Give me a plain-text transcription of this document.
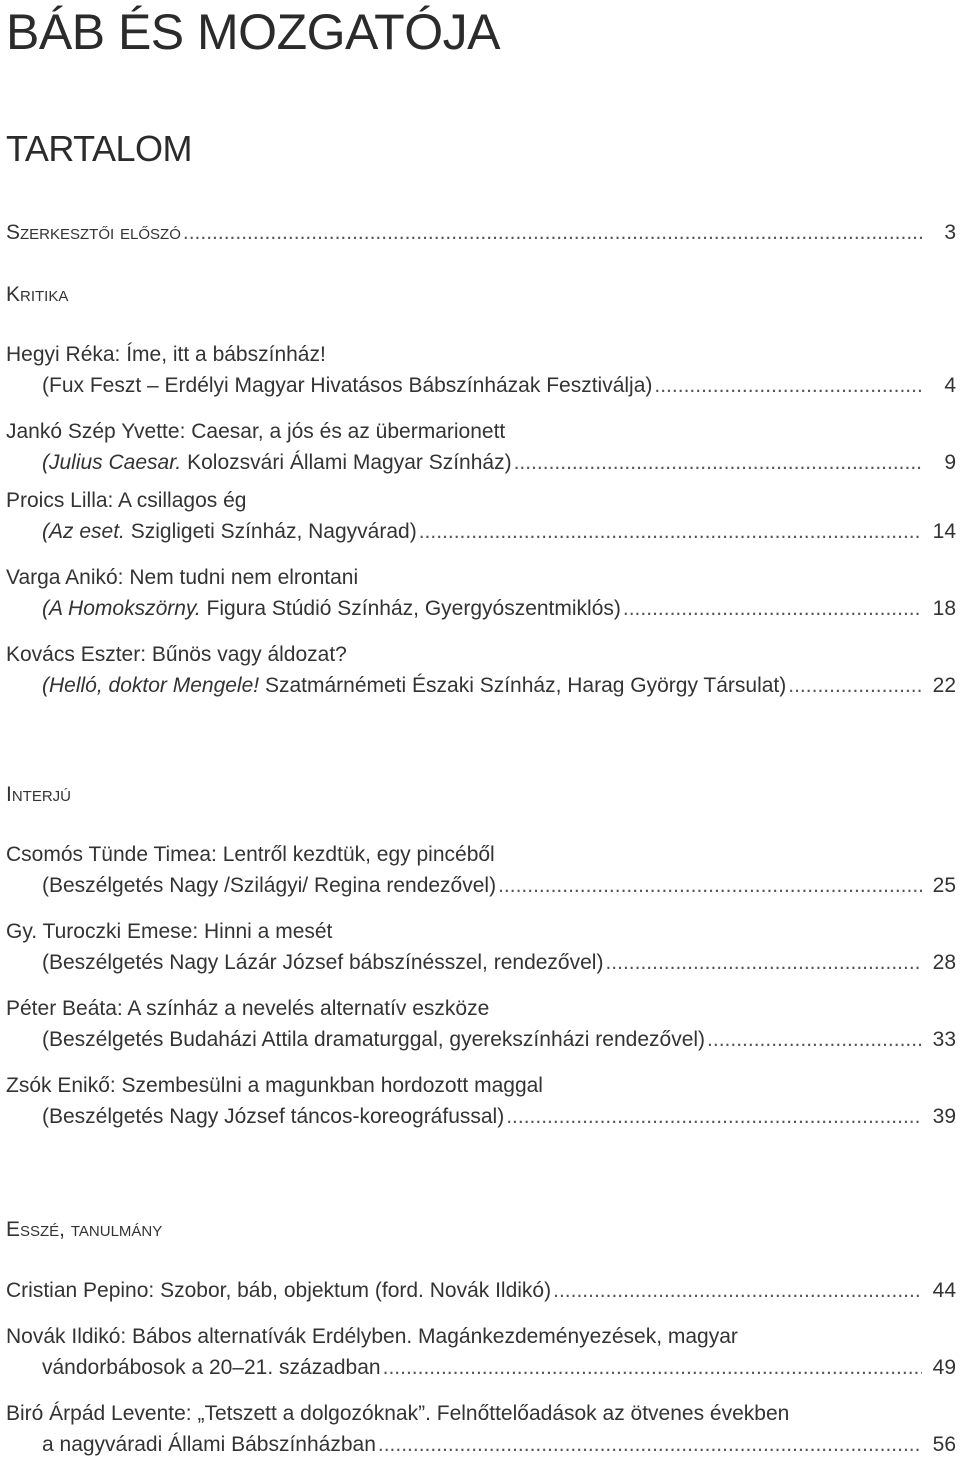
BÁB ÉS MOZGATÓJA
TARTALOM
Szerkesztői előszó .....	3
Kritika
Hegyi Réka: Íme, itt a bábszínház!
(Fux Feszt – Erdélyi Magyar Hivatásos Bábszínházak Fesztiválja) .....	4
Jankó Szép Yvette: Caesar, a jós és az übermarionett
(Julius Caesar.
Kolozsvári Állami Magyar Színház) .....	9
Proics Lilla: A csillagos ég
(Az eset.
Szigligeti Színház, Nagyvárad) .....	14
Varga Anikó: Nem tudni nem elrontani
(A Homokszörny.
Figura Stúdió Színház, Gyergyószentmiklós) .....	18
Kovács Eszter: Bűnös vagy áldozat?
(Helló, doktor Mengele!
Szatmárnémeti Északi Színház, Harag György Társulat) .....	22
Interjú
Csomós Tünde Timea: Lentről kezdtük, egy pincéből
(Beszélgetés Nagy /Szilágyi/ Regina rendezővel) .....	25
Gy. Turoczki Emese: Hinni a mesét
(Beszélgetés Nagy Lázár József bábszínésszel, rendezővel) .....	28
Péter Beáta: A színház a nevelés alternatív eszköze
(Beszélgetés Budaházi Attila dramaturggal, gyerekszínházi rendezővel) .....	33
Zsók Enikő: Szembesülni a magunkban hordozott maggal
(Beszélgetés Nagy József táncos-koreográfussal) .....	39
Esszé, tanulmány
Cristian Pepino: Szobor, báb, objektum (ford. Novák Ildikó) .....	44
Novák Ildikó: Bábos alternatívák Erdélyben. Magánkezdeményezések, magyar
vándorbábosok a 20–21. században .....	49
Biró Árpád Levente: „Tetszett a dolgozóknak”. Felnőttelőadások az ötvenes években
a nagyváradi Állami Bábszínházban .....	56
